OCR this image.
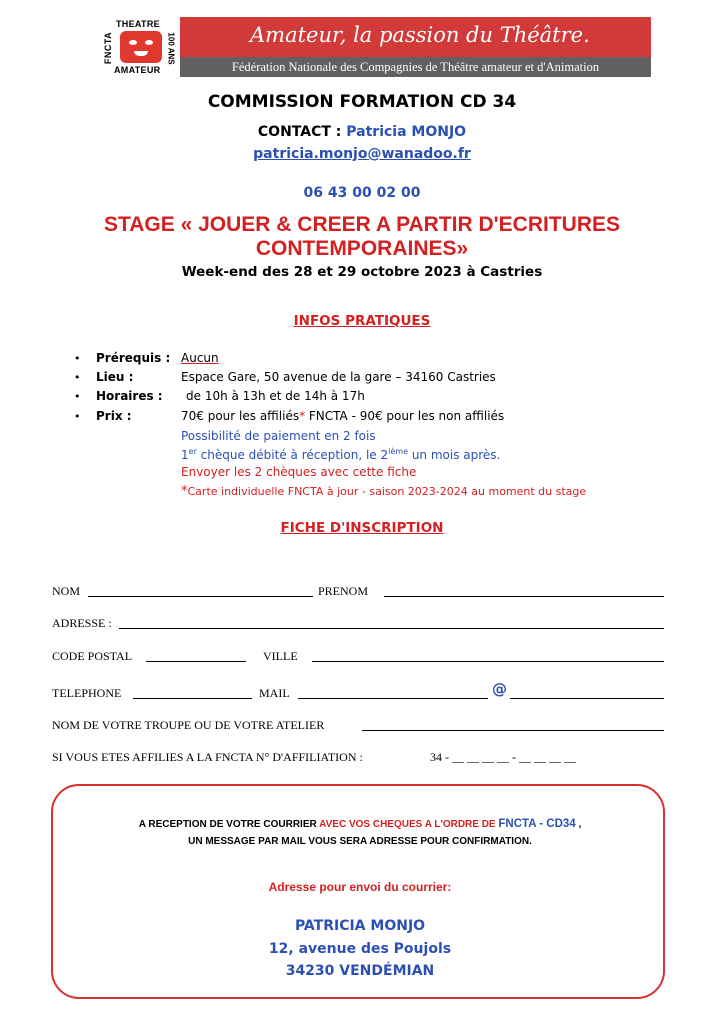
FNCTA
THEATRE
AMATEUR
100 ANS	Amateur, la passion du Théâtre.
Fédération Nationale des Compagnies de Théâtre amateur et d'Animation
COMMISSION FORMATION CD 34
CONTACT : Patricia MONJO
patricia.monjo@wanadoo.fr
06 43 00 02 00
STAGE « JOUER & CREER A PARTIR D'ECRITURES
CONTEMPORAINES»
Week-end des 28 et 29 octobre 2023 à Castries
INFOS PRATIQUES
• Prérequis : Aucun
• Lieu :	Espace Gare, 50 avenue de la gare – 34160 Castries
• Horaires : de 10h à 13h et de 14h à 17h
• Prix :	70€ pour les affiliés* FNCTA - 90€ pour les non affiliés
Possibilité de paiement en 2 fois
1er chèque débité à réception, le 2ième un mois après.
Envoyer les 2 chèques avec cette fiche
*Carte individuelle FNCTA à jour - saison 2023-2024 au moment du stage
FICHE D'INSCRIPTION
NOM	PRENOM
ADRESSE :
CODE POSTAL	VILLE
TELEPHONE	MAIL	@
NOM DE VOTRE TROUPE OU DE VOTRE ATELIER
SI VOUS ETES AFFILIES A LA FNCTA N° D'AFFILIATION :	34 - __ __ __ __ - __ __ __ __
A RECEPTION DE VOTRE COURRIER AVEC VOS CHEQUES A L'ORDRE DE FNCTA - CD34 ,
UN MESSAGE PAR MAIL VOUS SERA ADRESSE POUR CONFIRMATION.
Adresse pour envoi du courrier:
PATRICIA MONJO
12, avenue des Poujols
34230 VENDÉMIAN
